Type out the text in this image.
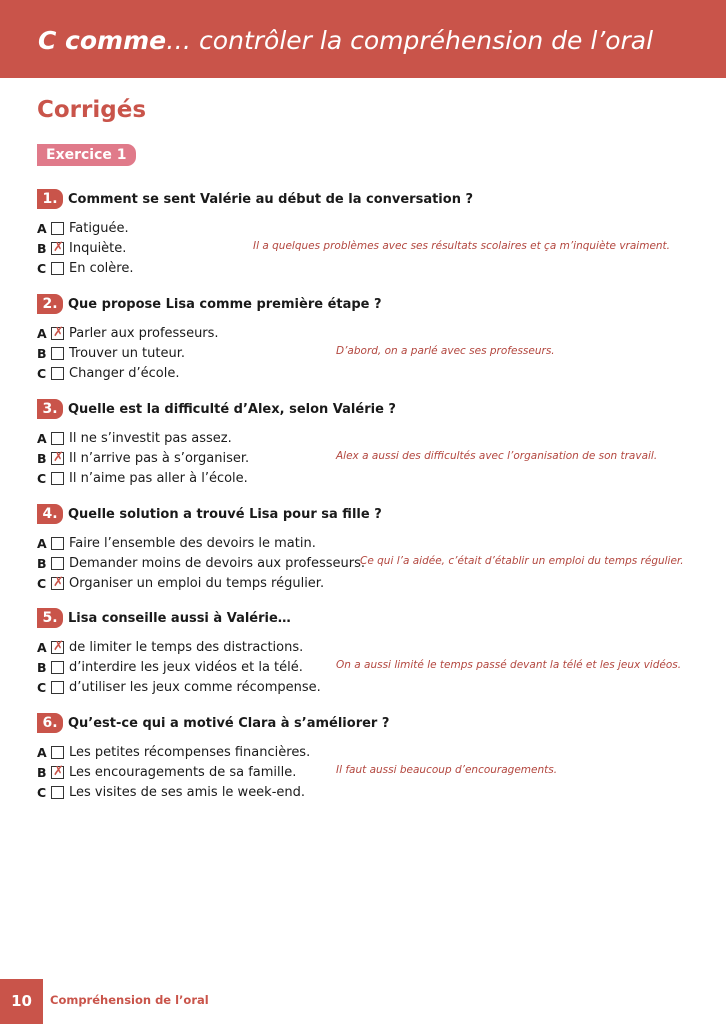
C comme… contrôler la compréhension de l’oral
Corrigés
Exercice 1
1. Comment se sent Valérie au début de la conversation ?
A	Fatiguée.
B ✗ Inquiète.
C	En colère.
Il a quelques problèmes avec ses résultats scolaires et ça m’inquiète vraiment.
2. Que propose Lisa comme première étape ?
A ✗ Parler aux professeurs.
B	Trouver un tuteur.
C	Changer d’école.
D’abord, on a parlé avec ses professeurs.
3. Quelle est la difficulté d’Alex, selon Valérie ?
A	Il ne s’investit pas assez.
B ✗ Il n’arrive pas à s’organiser.
C	Il n’aime pas aller à l’école.
Alex a aussi des difficultés avec l’organisation de son travail.
4. Quelle solution a trouvé Lisa pour sa fille ?
A	Faire l’ensemble des devoirs le matin.
B	Demander moins de devoirs aux professeurs.
C ✗ Organiser un emploi du temps régulier.
Ce qui l’a aidée, c’était d’établir un emploi du temps régulier.
5. Lisa conseille aussi à Valérie…
A ✗ de limiter le temps des distractions.
B	d’interdire les jeux vidéos et la télé.
C	d’utiliser les jeux comme récompense.
On a aussi limité le temps passé devant la télé et les jeux vidéos.
6. Qu’est-ce qui a motivé Clara à s’améliorer ?
A	Les petites récompenses financières.
B ✗ Les encouragements de sa famille.
C	Les visites de ses amis le week-end.
Il faut aussi beaucoup d’encouragements.
10	Compréhension de l’oral
